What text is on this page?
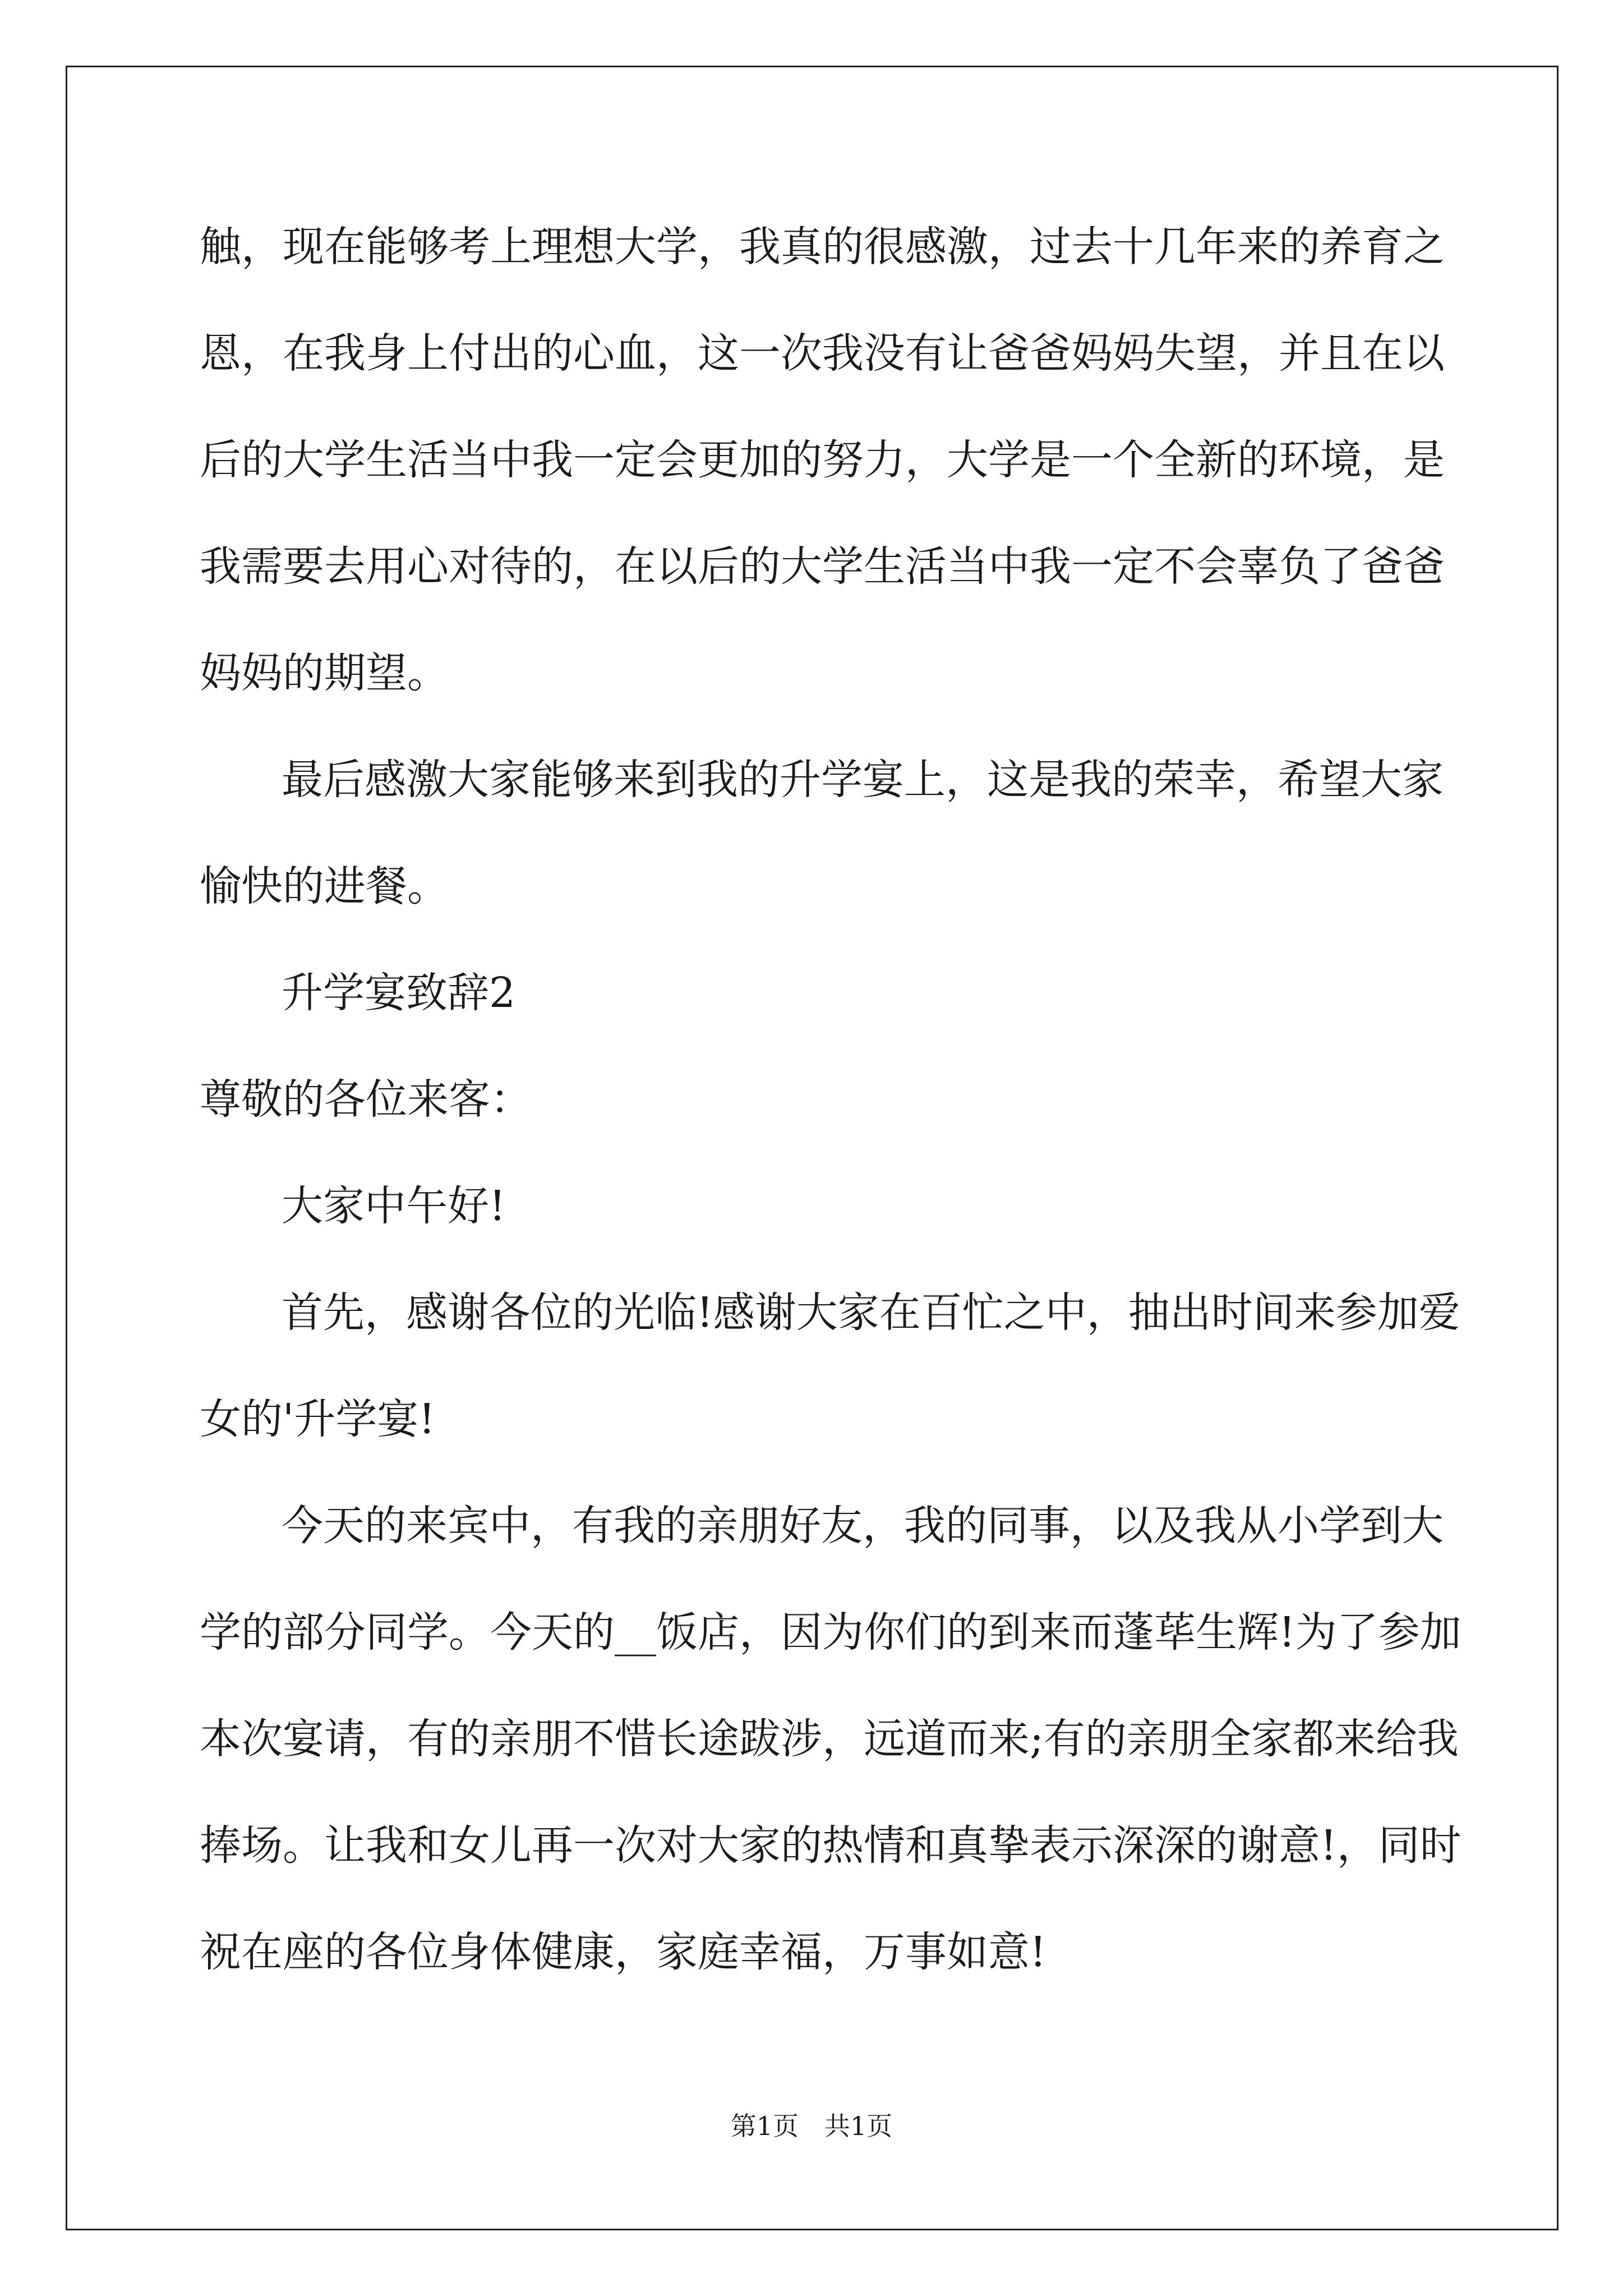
触，现在能够考上理想大学，我真的很感激，过去十几年来的养育之

恩，在我身上付出的心血，这一次我没有让爸爸妈妈失望，并且在以

后的大学生活当中我一定会更加的努力，大学是一个全新的环境，是

我需要去用心对待的，在以后的大学生活当中我一定不会辜负了爸爸

妈妈的期望。

最后感激大家能够来到我的升学宴上，这是我的荣幸，希望大家

愉快的进餐。

升学宴致辞2

尊敬的各位来客：

大家中午好!

首先，感谢各位的光临!感谢大家在百忙之中，抽出时间来参加爱

女的'升学宴!

今天的来宾中，有我的亲朋好友，我的同事，以及我从小学到大

学的部分同学。今天的__饭店，因为你们的到来而蓬荜生辉!为了参加

本次宴请，有的亲朋不惜长途跋涉，远道而来;有的亲朋全家都来给我

捧场。让我和女儿再一次对大家的热情和真挚表示深深的谢意!，同时

祝在座的各位身体健康，家庭幸福，万事如意!

第1页　共1页
